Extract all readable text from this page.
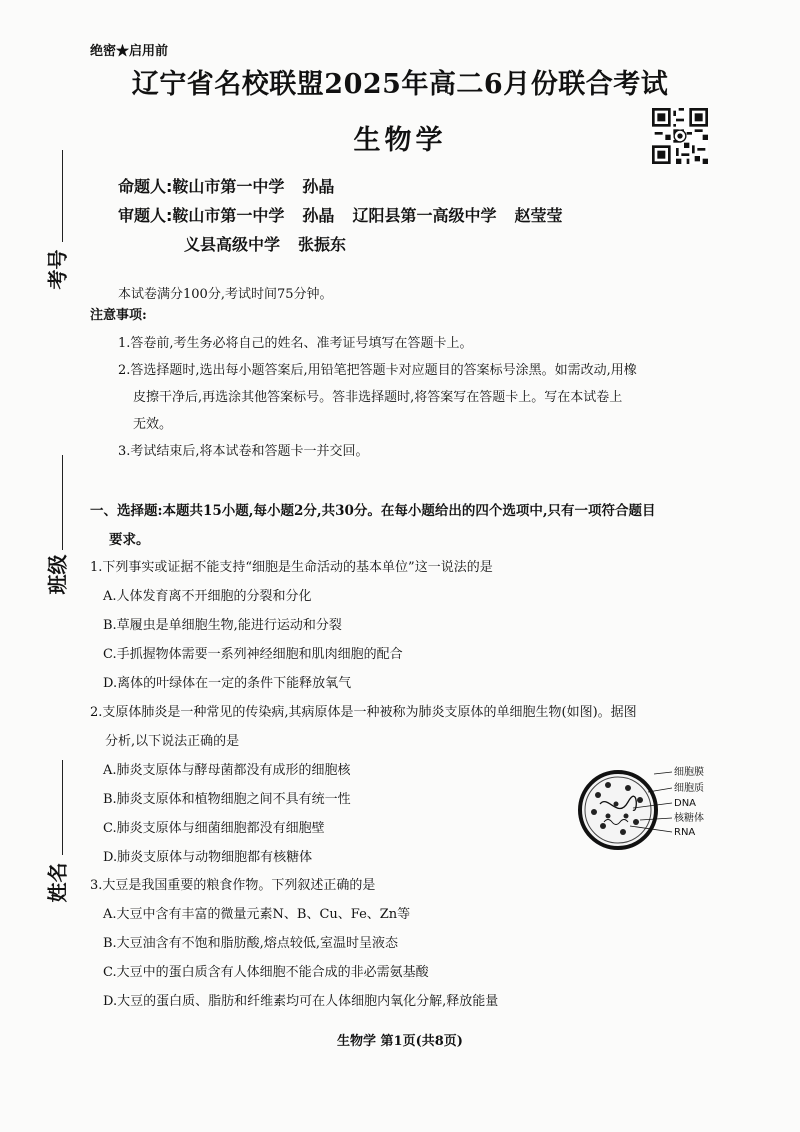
绝密★启用前
辽宁省名校联盟2025年高二6月份联合考试
生物学
命题人:鞍山市第一中学 孙晶
审题人:鞍山市第一中学 孙晶 辽阳县第一高级中学 赵莹莹
义县高级中学 张振东
本试卷满分100分,考试时间75分钟。
注意事项:
1.答卷前,考生务必将自己的姓名、准考证号填写在答题卡上。
2.答选择题时,选出每小题答案后,用铅笔把答题卡对应题目的答案标号涂黑。如需改动,用橡
皮擦干净后,再选涂其他答案标号。答非选择题时,将答案写在答题卡上。写在本试卷上
无效。
3.考试结束后,将本试卷和答题卡一并交回。
一、选择题:本题共15小题,每小题2分,共30分。在每小题给出的四个选项中,只有一项符合题目
要求。
1.下列事实或证据不能支持“细胞是生命活动的基本单位”这一说法的是
A.人体发育离不开细胞的分裂和分化
B.草履虫是单细胞生物,能进行运动和分裂
C.手抓握物体需要一系列神经细胞和肌肉细胞的配合
D.离体的叶绿体在一定的条件下能释放氧气
2.支原体肺炎是一种常见的传染病,其病原体是一种被称为肺炎支原体的单细胞生物(如图)。据图
分析,以下说法正确的是
A.肺炎支原体与酵母菌都没有成形的细胞核
B.肺炎支原体和植物细胞之间不具有统一性
C.肺炎支原体与细菌细胞都没有细胞壁
D.肺炎支原体与动物细胞都有核糖体
细胞膜
细胞质
DNA
核糖体
RNA
3.大豆是我国重要的粮食作物。下列叙述正确的是
A.大豆中含有丰富的微量元素N、B、Cu、Fe、Zn等
B.大豆油含有不饱和脂肪酸,熔点较低,室温时呈液态
C.大豆中的蛋白质含有人体细胞不能合成的非必需氨基酸
D.大豆的蛋白质、脂肪和纤维素均可在人体细胞内氧化分解,释放能量
生物学 第1页(共8页)
考号
班级
姓名
